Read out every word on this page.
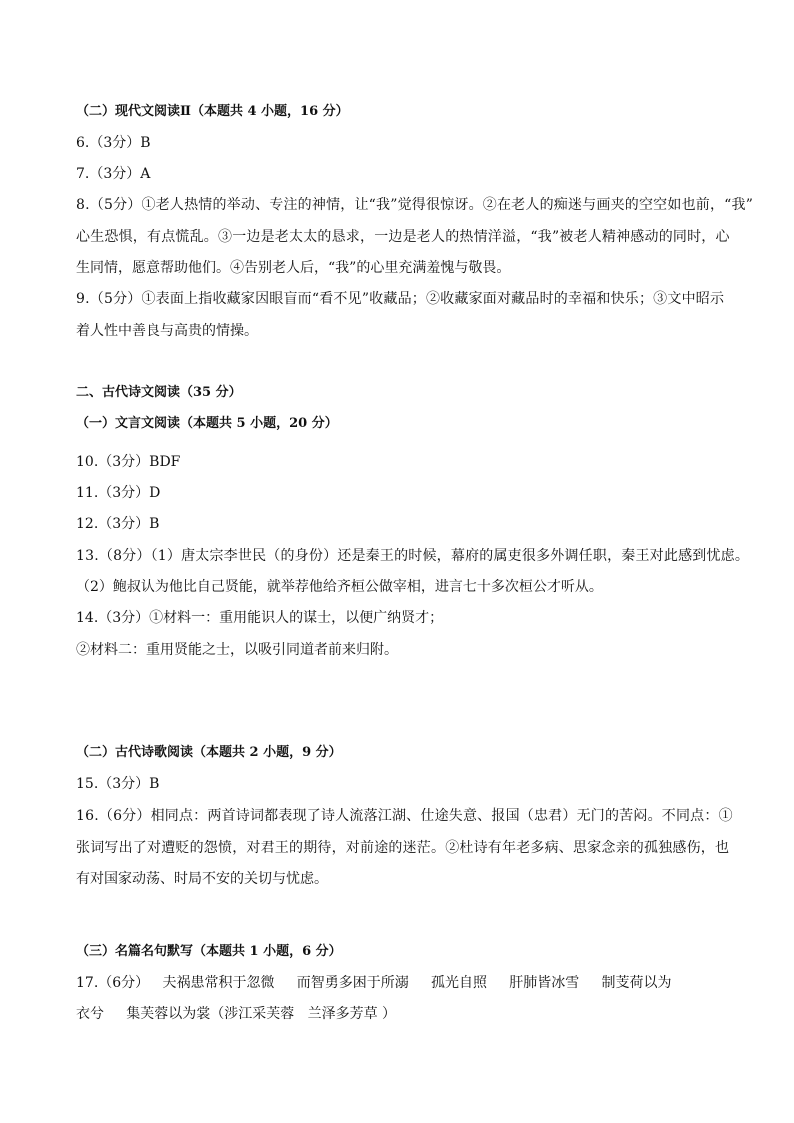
（二）现代文阅读Ⅱ（本题共 4 小题，16 分）
6.（3分）B
7.（3分）A
8.（5分）①老人热情的举动、专注的神情，让“我”觉得很惊讶。②在老人的痴迷与画夹的空空如也前，“我”
心生恐惧，有点慌乱。③一边是老太太的恳求，一边是老人的热情洋溢，“我”被老人精神感动的同时，心
生同情，愿意帮助他们。④告别老人后，“我”的心里充满羞愧与敬畏。
9.（5分）①表面上指收藏家因眼盲而“看不见”收藏品；②收藏家面对藏品时的幸福和快乐；③文中昭示
着人性中善良与高贵的情操。
二、古代诗文阅读（35 分）
（一）文言文阅读（本题共 5 小题，20 分）
10.（3分）BDF
11.（3分）D
12.（3分）B
13.（8分）（1）唐太宗李世民（的身份）还是秦王的时候，幕府的属吏很多外调任职，秦王对此感到忧虑。
（2）鲍叔认为他比自己贤能，就举荐他给齐桓公做宰相，进言七十多次桓公才听从。
14.（3分）①材料一：重用能识人的谋士，以便广纳贤才；
②材料二：重用贤能之士，以吸引同道者前来归附。
（二）古代诗歌阅读（本题共 2 小题，9 分）
15.（3分）B
16.（6分）相同点：两首诗词都表现了诗人流落江湖、仕途失意、报国（忠君）无门的苦闷。不同点：①
张词写出了对遭贬的怨愤，对君王的期待，对前途的迷茫。②杜诗有年老多病、思家念亲的孤独感伤，也
有对国家动荡、时局不安的关切与忧虑。
（三）名篇名句默写（本题共 1 小题，6 分）
17.（6分）   夫祸患常积于忽微     而智勇多困于所溺     孤光自照     肝肺皆冰雪     制芰荷以为
衣兮     集芙蓉以为裳（涉江采芙蓉   兰泽多芳草 ）
